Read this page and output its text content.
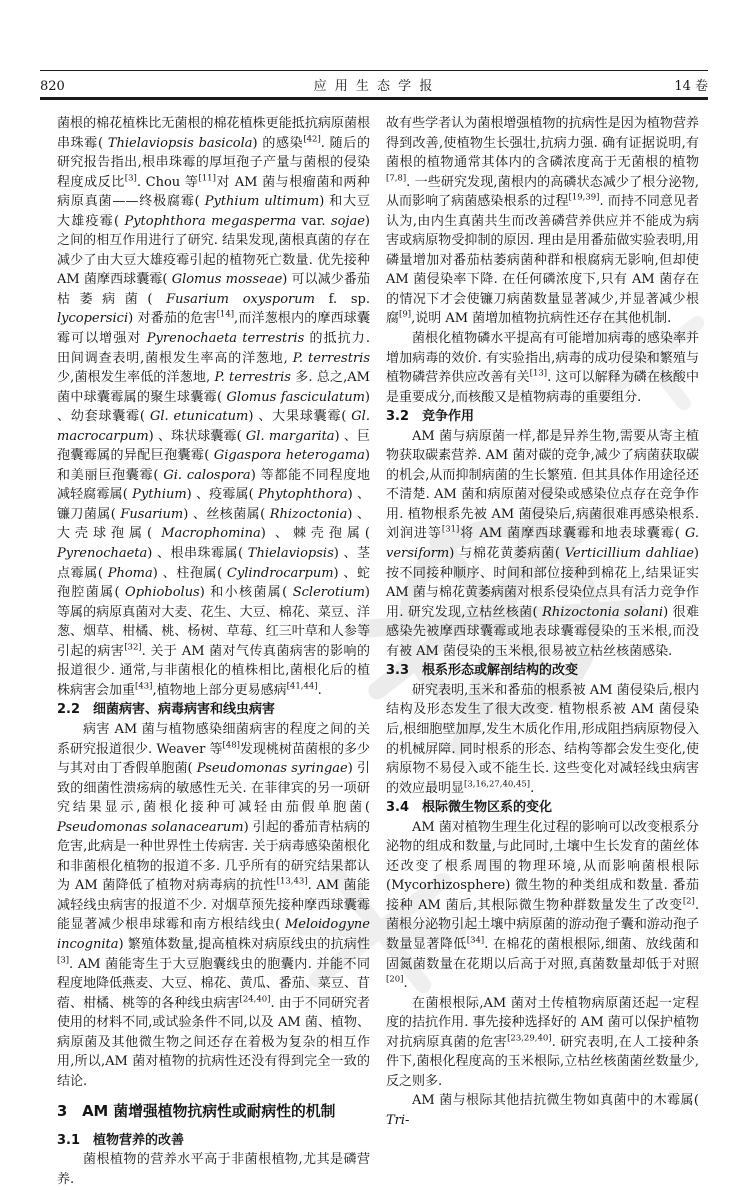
820	应 用 生 态 学 报	14 卷

菌根的棉花植株比无菌根的棉花植株更能抵抗病原菌根串珠霉( Thielaviopsis basicola) 的感染[42]. 随后的研究报告指出,根串珠霉的厚垣孢子产量与菌根的侵染程度成反比[3]. Chou 等[11]对 AM 菌与根瘤菌和两种病原真菌——终极腐霉( Pythium ultimum) 和大豆大雄疫霉( Pytophthora megasperma var. sojae)之间的相互作用进行了研究. 结果发现,菌根真菌的存在减少了由大豆大雄疫霉引起的植物死亡数量. 优先接种 AM 菌摩西球囊霉( Glomus mosseae) 可以减少番茄枯萎病菌( Fusarium oxysporum f. sp. lycopersici) 对番茄的危害[14],而洋葱根内的摩西球囊霉可以增强对 Pyrenochaeta terrestris 的抵抗力. 田间调查表明,菌根发生率高的洋葱地, P. terrestris 少,菌根发生率低的洋葱地, P. terrestris 多. 总之,AM 菌中球囊霉属的聚生球囊霉( Glomus fasciculatum) 、幼套球囊霉( Gl. etunicatum) 、大果球囊霉( Gl. macrocarpum) 、珠状球囊霉( Gl. margarita) 、巨孢囊霉属的异配巨孢囊霉( Gigaspora heterogama) 和美丽巨孢囊霉( Gi. calospora) 等都能不同程度地减轻腐霉属( Pythium) 、疫霉属( Phytophthora) 、镰刀菌属( Fusarium) 、丝核菌属( Rhizoctonia) 、大壳球孢属( Macrophomina) 、棘壳孢属( Pyrenochaeta) 、根串珠霉属( Thielaviopsis) 、茎点霉属( Phoma) 、柱孢属( Cylindrocarpum) 、蛇孢腔菌属( Ophiobolus) 和小核菌属( Sclerotium) 等属的病原真菌对大麦、花生、大豆、棉花、菜豆、洋葱、烟草、柑橘、桃、杨树、草莓、红三叶草和人参等引起的病害[32]. 关于 AM 菌对气传真菌病害的影响的报道很少. 通常,与非菌根化的植株相比,菌根化后的植株病害会加重[43],植物地上部分更易感病[41,44].

2.2　细菌病害、病毒病害和线虫病害

病害 AM 菌与植物感染细菌病害的程度之间的关系研究报道很少. Weaver 等[48]发现桃树苗菌根的多少与其对由丁香假单胞菌( Pseudomonas syringae) 引致的细菌性溃疡病的敏感性无关. 在菲律宾的另一项研究结果显示,菌根化接种可减轻由茄假单胞菌( Pseudomonas solanacearum) 引起的番茄青枯病的危害,此病是一种世界性土传病害. 关于病毒感染菌根化和非菌根化植物的报道不多. 几乎所有的研究结果都认为 AM 菌降低了植物对病毒病的抗性[13,43]. AM 菌能减轻线虫病害的报道不少. 对烟草预先接种摩西球囊霉能显著减少根串球霉和南方根结线虫( Meloidogyne incognita) 繁殖体数量,提高植株对病原线虫的抗病性[3]. AM 菌能寄生于大豆胞囊线虫的胞囊内. 并能不同程度地降低燕麦、大豆、棉花、黄瓜、番茄、菜豆、苜蓿、柑橘、桃等的各种线虫病害[24,40]. 由于不同研究者使用的材料不同,或试验条件不同,以及 AM 菌、植物、病原菌及其他微生物之间还存在着极为复杂的相互作用,所以,AM 菌对植物的抗病性还没有得到完全一致的结论.

3　AM 菌增强植物抗病性或耐病性的机制
3.1　植物营养的改善

菌根植物的营养水平高于非菌根植物,尤其是磷营养.

故有些学者认为菌根增强植物的抗病性是因为植物营养得到改善,使植物生长强壮,抗病力强. 确有证据说明,有菌根的植物通常其体内的含磷浓度高于无菌根的植物[7,8]. 一些研究发现,菌根内的高磷状态减少了根分泌物,从而影响了病菌感染根系的过程[19,39]. 而持不同意见者认为,由内生真菌共生而改善磷营养供应并不能成为病害或病原物受抑制的原因. 理由是用番茄做实验表明,用磷量增加对番茄枯萎病菌种群和根腐病无影响,但却使 AM 菌侵染率下降. 在任何磷浓度下,只有 AM 菌存在的情况下才会使镰刀病菌数量显著减少,并显著减少根腐[9],说明 AM 菌增加植物抗病性还存在其他机制.

菌根化植物磷水平提高有可能增加病毒的感染率并增加病毒的效价. 有实验指出,病毒的成功侵染和繁殖与植物磷营养供应改善有关[13]. 这可以解释为磷在核酸中是重要成分,而核酸又是植物病毒的重要组分.

3.2　竞争作用

AM 菌与病原菌一样,都是异养生物,需要从寄主植物获取碳素营养. AM 菌对碳的竞争,减少了病菌获取碳的机会,从而抑制病菌的生长繁殖. 但其具体作用途径还不清楚. AM 菌和病原菌对侵染或感染位点存在竞争作用. 植物根系先被 AM 菌侵染后,病菌很难再感染根系. 刘润进等[31]将 AM 菌摩西球囊霉和地表球囊霉( G. versiform) 与棉花黄萎病菌( Verticillium dahliae) 按不同接种顺序、时间和部位接种到棉花上,结果证实 AM 菌与棉花黄萎病菌对根系侵染位点具有活力竞争作用. 研究发现,立枯丝核菌( Rhizoctonia solani) 很难感染先被摩西球囊霉或地表球囊霉侵染的玉米根,而没有被 AM 菌侵染的玉米根,很易被立枯丝核菌感染.

3.3　根系形态或解剖结构的改变

研究表明,玉米和番茄的根系被 AM 菌侵染后,根内结构及形态发生了很大改变. 植物根系被 AM 菌侵染后,根细胞壁加厚,发生木质化作用,形成阻挡病原物侵入的机械屏障. 同时根系的形态、结构等都会发生变化,使病原物不易侵入或不能生长. 这些变化对减轻线虫病害的效应最明显[3,16,27,40,45].

3.4　根际微生物区系的变化

AM 菌对植物生理生化过程的影响可以改变根系分泌物的组成和数量,与此同时,土壤中生长发育的菌丝体还改变了根系周围的物理环境,从而影响菌根根际(Mycorhizosphere) 微生物的种类组成和数量. 番茄接种 AM 菌后,其根际微生物种群数量发生了改变[2]. 菌根分泌物引起土壤中病原菌的游动孢子囊和游动孢子数量显著降低[34]. 在棉花的菌根根际,细菌、放线菌和固氮菌数量在花期以后高于对照,真菌数量却低于对照[20].

在菌根根际,AM 菌对土传植物病原菌还起一定程度的拮抗作用. 事先接种选择好的 AM 菌可以保护植物对抗病原真菌的危害[23,29,40]. 研究表明,在人工接种条件下,菌根化程度高的玉米根际,立枯丝核菌菌丝数量少,反之则多.

AM 菌与根际其他拮抗微生物如真菌中的木霉属( Tri-
